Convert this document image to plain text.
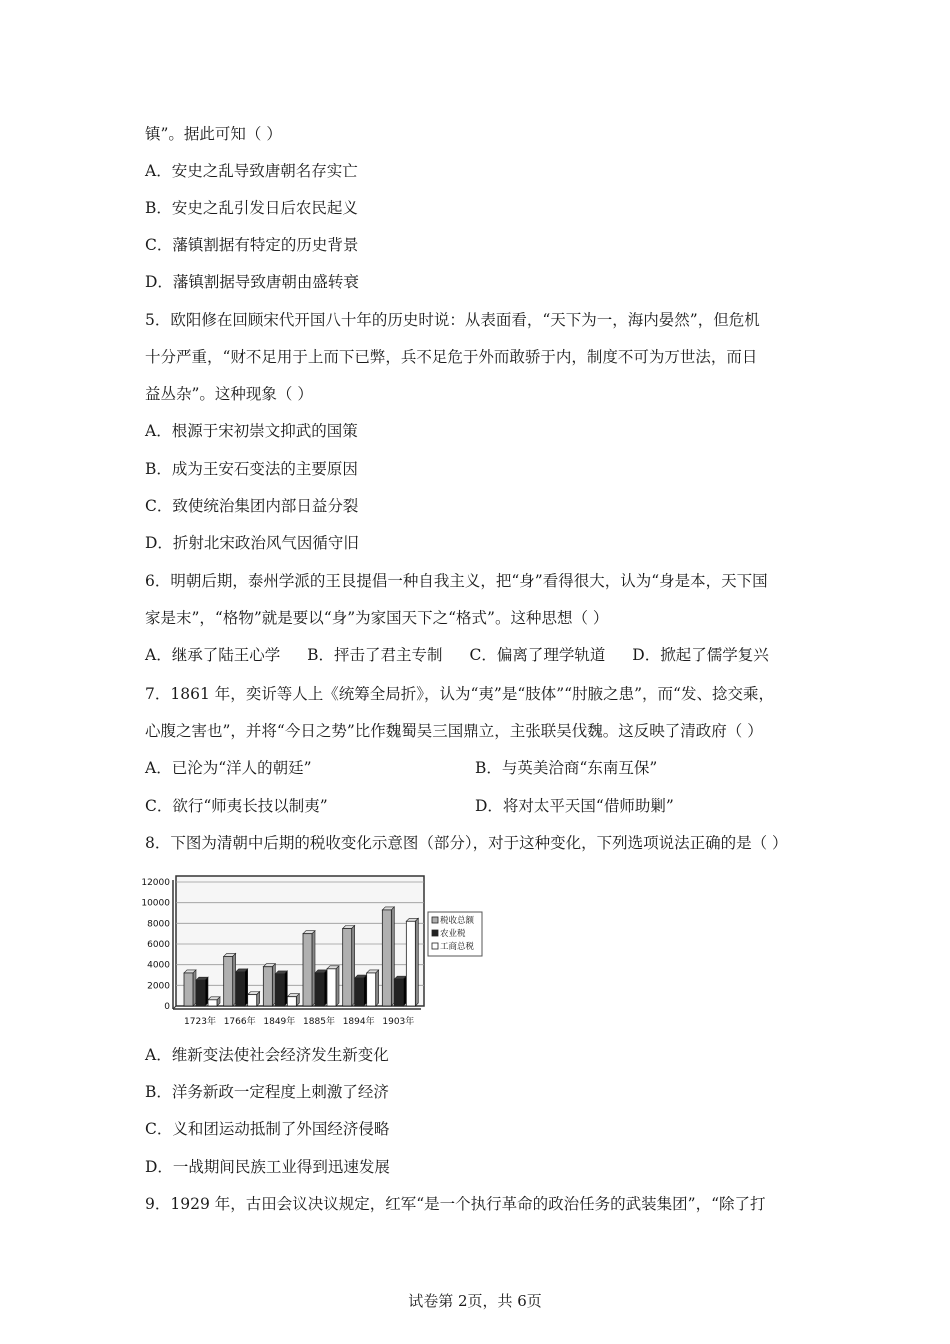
镇”。据此可知（ ）
A．安史之乱导致唐朝名存实亡
B．安史之乱引发日后农民起义
C．藩镇割据有特定的历史背景
D．藩镇割据导致唐朝由盛转衰
5．欧阳修在回顾宋代开国八十年的历史时说：从表面看，“天下为一，海内晏然”，但危机
十分严重，“财不足用于上而下已弊，兵不足危于外而敢骄于内，制度不可为万世法，而日
益丛杂”。这种现象（ ）
A．根源于宋初崇文抑武的国策
B．成为王安石变法的主要原因
C．致使统治集团内部日益分裂
D．折射北宋政治风气因循守旧
6．明朝后期，泰州学派的王艮提倡一种自我主义，把“身”看得很大，认为“身是本，天下国
家是末”，“格物”就是要以“身”为家国天下之“格式”。这种思想（ ）
A．继承了陆王心学 B．抨击了君主专制 C．偏离了理学轨道 D．掀起了儒学复兴
7．1861 年，奕䜣等人上《统筹全局折》，认为“夷”是“肢体”“肘腋之患”，而“发、捻交乘，
心腹之害也”，并将“今日之势”比作魏蜀吴三国鼎立，主张联吴伐魏。这反映了清政府（ ）
A．已沦为“洋人的朝廷”	B．与英美洽商“东南互保”
C．欲行“师夷长技以制夷”	D．将对太平天国“借师助剿”
8．下图为清朝中后期的税收变化示意图（部分），对于这种变化，下列选项说法正确的是（ ）
0
2000
4000
6000
8000
10000
12000
1723年 1766年 1849年 1885年 1894年 1903年
税收总额
农业税
工商总税
A．维新变法使社会经济发生新变化
B．洋务新政一定程度上刺激了经济
C．义和团运动抵制了外国经济侵略
D．一战期间民族工业得到迅速发展
9．1929 年，古田会议决议规定，红军“是一个执行革命的政治任务的武装集团”，“除了打
试卷第 2页，共 6页
